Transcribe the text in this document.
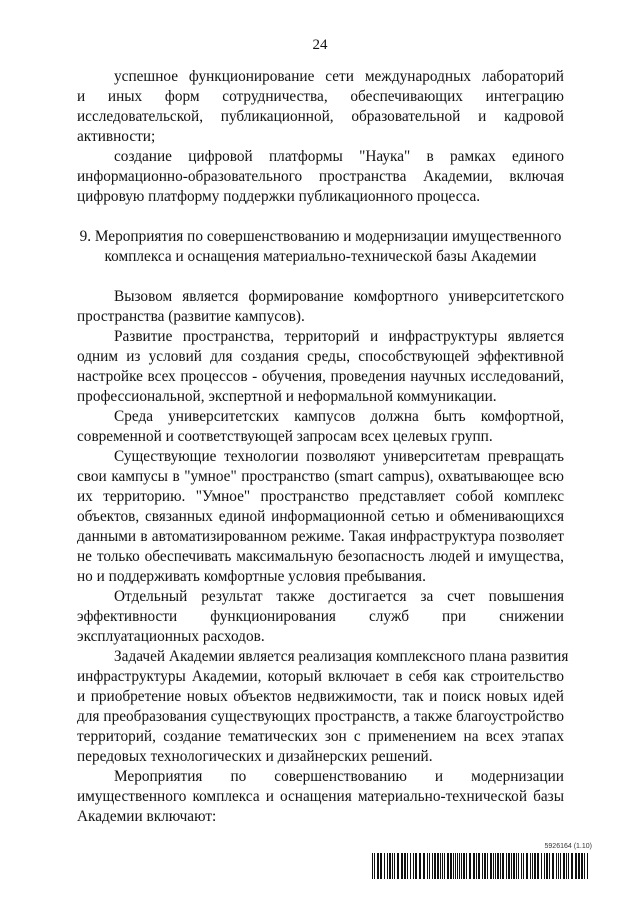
24
успешное функционирование сети международных лабораторий
и иных форм сотрудничества, обеспечивающих интеграцию
исследовательской, публикационной, образовательной и кадровой
активности;
создание цифровой платформы "Наука" в рамках единого
информационно-образовательного пространства Академии, включая
цифровую платформу поддержки публикационного процесса.
9. Мероприятия по совершенствованию и модернизации имущественного
комплекса и оснащения материально-технической базы Академии
Вызовом является формирование комфортного университетского
пространства (развитие кампусов).
Развитие пространства, территорий и инфраструктуры является
одним из условий для создания среды, способствующей эффективной
настройке всех процессов - обучения, проведения научных исследований,
профессиональной, экспертной и неформальной коммуникации.
Среда университетских кампусов должна быть комфортной,
современной и соответствующей запросам всех целевых групп.
Существующие технологии позволяют университетам превращать
свои кампусы в "умное" пространство (smart campus), охватывающее всю
их территорию. "Умное" пространство представляет собой комплекс
объектов, связанных единой информационной сетью и обменивающихся
данными в автоматизированном режиме. Такая инфраструктура позволяет
не только обеспечивать максимальную безопасность людей и имущества,
но и поддерживать комфортные условия пребывания.
Отдельный результат также достигается за счет повышения
эффективности функционирования служб при снижении
эксплуатационных расходов.
Задачей Академии является реализация комплексного плана развития
инфраструктуры Академии, который включает в себя как строительство
и приобретение новых объектов недвижимости, так и поиск новых идей
для преобразования существующих пространств, а также благоустройство
территорий, создание тематических зон с применением на всех этапах
передовых технологических и дизайнерских решений.
Мероприятия по совершенствованию и модернизации
имущественного комплекса и оснащения материально-технической базы
Академии включают:
5926164 (1.10)
